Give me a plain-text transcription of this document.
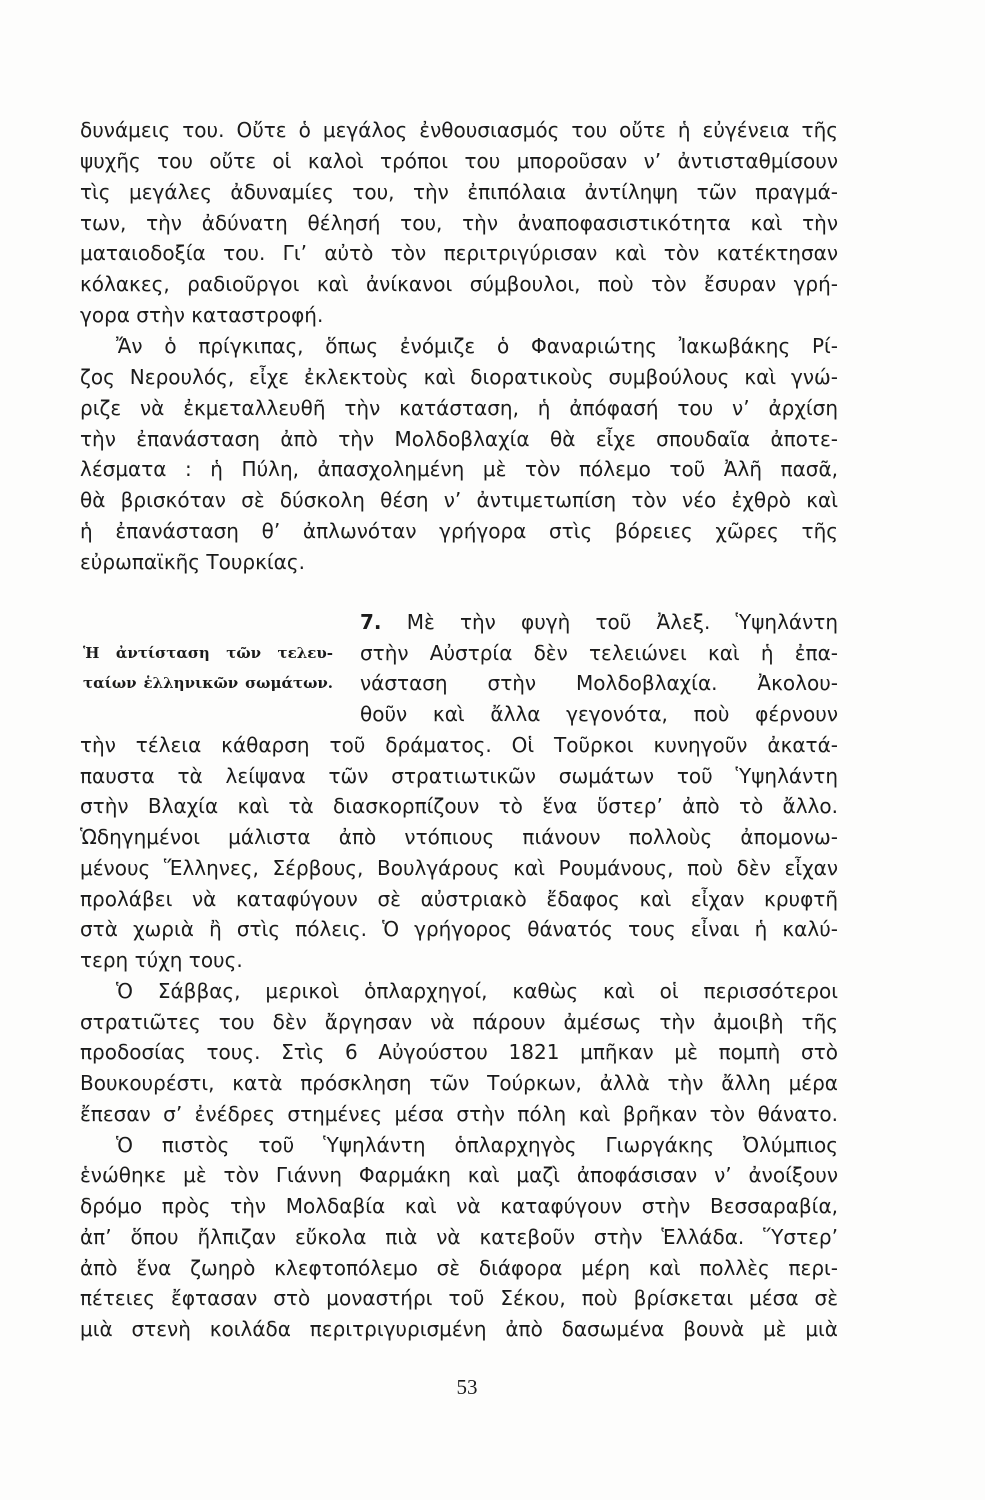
δυνάμεις του. Οὔτε ὁ μεγάλος ἐνθουσιασμός του οὔτε ἡ εὐγένεια τῆς
ψυχῆς του οὔτε οἱ καλοὶ τρόποι του μποροῦσαν ν’ ἀντισταθμίσουν
τὶς μεγάλες ἀδυναμίες του, τὴν ἐπιπόλαια ἀντίληψη τῶν πραγμά-
των, τὴν ἀδύνατη θέλησή του, τὴν ἀναποφασιστικότητα καὶ τὴν
ματαιοδοξία του. Γι’ αὐτὸ τὸν περιτριγύρισαν καὶ τὸν κατέκτησαν
κόλακες, ραδιοῦργοι καὶ ἀνίκανοι σύμβουλοι, ποὺ τὸν ἔσυραν γρή-
γορα στὴν καταστροφή.
Ἄν ὁ πρίγκιπας, ὅπως ἐνόμιζε ὁ Φαναριώτης Ἰακωβάκης Ρί-
ζος Νερουλός, εἶχε ἐκλεκτοὺς καὶ διορατικοὺς συμβούλους καὶ γνώ-
ριζε νὰ ἐκμεταλλευθῆ τὴν κατάσταση, ἡ ἀπόφασή του ν’ ἀρχίση
τὴν ἐπανάσταση ἀπὸ τὴν Μολδοβλαχία θὰ εἶχε σπουδαῖα ἀποτε-
λέσματα : ἡ Πύλη, ἀπασχολημένη μὲ τὸν πόλεμο τοῦ Ἀλῆ πασᾶ,
θὰ βρισκόταν σὲ δύσκολη θέση ν’ ἀντιμετωπίση τὸν νέο ἐχθρὸ καὶ
ἡ ἐπανάσταση θ’ ἀπλωνόταν γρήγορα στὶς βόρειες χῶρες τῆς
εὐρωπαϊκῆς Τουρκίας.
Ἡ ἀντίσταση τῶν τελευ-
ταίων ἑλληνικῶν σωμάτων.
7. Μὲ τὴν φυγὴ τοῦ Ἀλεξ. Ὑψηλάντη
στὴν Αὐστρία δὲν τελειώνει καὶ ἡ ἐπα-
νάσταση στὴν Μολδοβλαχία. Ἀκολου-
θοῦν καὶ ἄλλα γεγονότα, ποὺ φέρνουν
τὴν τέλεια κάθαρση τοῦ δράματος. Οἱ Τοῦρκοι κυνηγοῦν ἀκατά-
παυστα τὰ λείψανα τῶν στρατιωτικῶν σωμάτων τοῦ Ὑψηλάντη
στὴν Βλαχία καὶ τὰ διασκορπίζουν τὸ ἕνα ὕστερ’ ἀπὸ τὸ ἄλλο.
Ὡδηγημένοι μάλιστα ἀπὸ ντόπιους πιάνουν πολλοὺς ἀπομονω-
μένους Ἕλληνες, Σέρβους, Βουλγάρους καὶ Ρουμάνους, ποὺ δὲν εἶχαν
προλάβει νὰ καταφύγουν σὲ αὐστριακὸ ἔδαφος καὶ εἶχαν κρυφτῆ
στὰ χωριὰ ἢ στὶς πόλεις. Ὁ γρήγορος θάνατός τους εἶναι ἡ καλύ-
τερη τύχη τους.
Ὁ Σάββας, μερικοὶ ὁπλαρχηγοί, καθὼς καὶ οἱ περισσότεροι
στρατιῶτες του δὲν ἄργησαν νὰ πάρουν ἀμέσως τὴν ἀμοιβὴ τῆς
προδοσίας τους. Στὶς 6 Αὐγούστου 1821 μπῆκαν μὲ πομπὴ στὸ
Βουκουρέστι, κατὰ πρόσκληση τῶν Τούρκων, ἀλλὰ τὴν ἄλλη μέρα
ἔπεσαν σ’ ἐνέδρες στημένες μέσα στὴν πόλη καὶ βρῆκαν τὸν θάνατο.
Ὁ πιστὸς τοῦ Ὑψηλάντη ὁπλαρχηγὸς Γιωργάκης Ὀλύμπιος
ἑνώθηκε μὲ τὸν Γιάννη Φαρμάκη καὶ μαζὶ ἀποφάσισαν ν’ ἀνοίξουν
δρόμο πρὸς τὴν Μολδαβία καὶ νὰ καταφύγουν στὴν Βεσσαραβία,
ἀπ’ ὅπου ἤλπιζαν εὔκολα πιὰ νὰ κατεβοῦν στὴν Ἑλλάδα. Ὕστερ’
ἀπὸ ἕνα ζωηρὸ κλεφτοπόλεμο σὲ διάφορα μέρη καὶ πολλὲς περι-
πέτειες ἔφτασαν στὸ μοναστήρι τοῦ Σέκου, ποὺ βρίσκεται μέσα σὲ
μιὰ στενὴ κοιλάδα περιτριγυρισμένη ἀπὸ δασωμένα βουνὰ μὲ μιὰ
53
